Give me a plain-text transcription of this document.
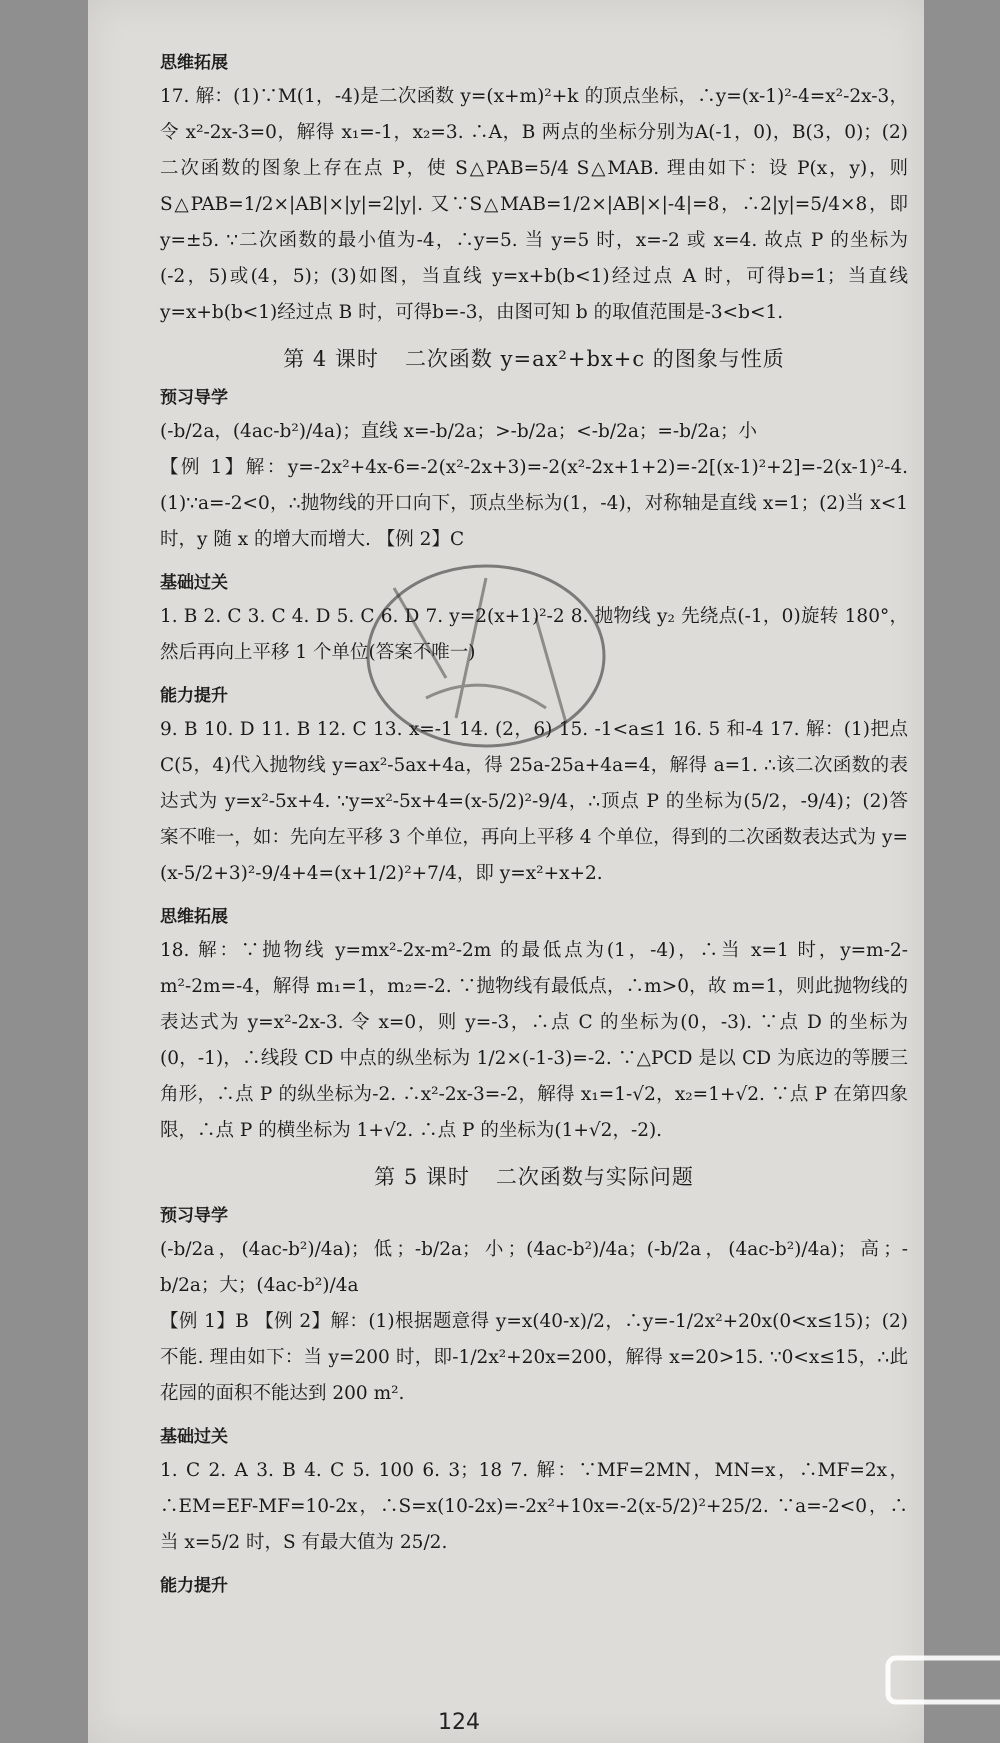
思维拓展

17. 解：(1)∵M(1，-4)是二次函数 y=(x+m)²+k 的顶点坐标，∴y=(x-1)²-4=x²-2x-3，令 x²-2x-3=0，解得 x₁=-1，x₂=3. ∴A，B 两点的坐标分别为A(-1，0)，B(3，0)；(2)二次函数的图象上存在点 P，使 S△PAB=5/4 S△MAB. 理由如下：设 P(x，y)，则 S△PAB=1/2×|AB|×|y|=2|y|. 又∵S△MAB=1/2×|AB|×|-4|=8，∴2|y|=5/4×8，即 y=±5. ∵二次函数的最小值为-4，∴y=5. 当 y=5 时，x=-2 或 x=4. 故点 P 的坐标为(-2，5)或(4，5)；(3)如图，当直线 y=x+b(b<1)经过点 A 时，可得b=1；当直线 y=x+b(b<1)经过点 B 时，可得b=-3，由图可知 b 的取值范围是-3<b<1.

第 4 课时 二次函数 y=ax²+bx+c 的图象与性质
预习导学

(-b/2a，(4ac-b²)/4a)；直线 x=-b/2a；>-b/2a；<-b/2a；=-b/2a；小

【例 1】解：y=-2x²+4x-6=-2(x²-2x+3)=-2(x²-2x+1+2)=-2[(x-1)²+2]=-2(x-1)²-4. (1)∵a=-2<0，∴抛物线的开口向下，顶点坐标为(1，-4)，对称轴是直线 x=1；(2)当 x<1 时，y 随 x 的增大而增大. 【例 2】C

基础过关

1. B 2. C 3. C 4. D 5. C 6. D 7. y=2(x+1)²-2 8. 抛物线 y₂ 先绕点(-1，0)旋转 180°，然后再向上平移 1 个单位(答案不唯一)

能力提升

9. B 10. D 11. B 12. C 13. x=-1 14. (2，6) 15. -1<a≤1 16. 5 和-4 17. 解：(1)把点 C(5，4)代入抛物线 y=ax²-5ax+4a，得 25a-25a+4a=4，解得 a=1. ∴该二次函数的表达式为 y=x²-5x+4. ∵y=x²-5x+4=(x-5/2)²-9/4，∴顶点 P 的坐标为(5/2，-9/4)；(2)答案不唯一，如：先向左平移 3 个单位，再向上平移 4 个单位，得到的二次函数表达式为 y=(x-5/2+3)²-9/4+4=(x+1/2)²+7/4，即 y=x²+x+2.

思维拓展

18. 解：∵抛物线 y=mx²-2x-m²-2m 的最低点为(1，-4)，∴当 x=1 时，y=m-2-m²-2m=-4，解得 m₁=1，m₂=-2. ∵抛物线有最低点，∴m>0，故 m=1，则此抛物线的表达式为 y=x²-2x-3. 令 x=0，则 y=-3，∴点 C 的坐标为(0，-3). ∵点 D 的坐标为(0，-1)，∴线段 CD 中点的纵坐标为 1/2×(-1-3)=-2. ∵△PCD 是以 CD 为底边的等腰三角形，∴点 P 的纵坐标为-2. ∴x²-2x-3=-2，解得 x₁=1-√2，x₂=1+√2. ∵点 P 在第四象限，∴点 P 的横坐标为 1+√2. ∴点 P 的坐标为(1+√2，-2).

第 5 课时 二次函数与实际问题
预习导学

(-b/2a，(4ac-b²)/4a)；低；-b/2a；小；(4ac-b²)/4a；(-b/2a，(4ac-b²)/4a)；高；-b/2a；大；(4ac-b²)/4a

【例 1】B 【例 2】解：(1)根据题意得 y=x(40-x)/2，∴y=-1/2x²+20x(0<x≤15)；(2)不能. 理由如下：当 y=200 时，即-1/2x²+20x=200，解得 x=20>15. ∵0<x≤15，∴此花园的面积不能达到 200 m².

基础过关

1. C 2. A 3. B 4. C 5. 100 6. 3；18 7. 解：∵MF=2MN，MN=x，∴MF=2x，∴EM=EF-MF=10-2x，∴S=x(10-2x)=-2x²+10x=-2(x-5/2)²+25/2. ∵a=-2<0，∴当 x=5/2 时，S 有最大值为 25/2.

能力提升
124
